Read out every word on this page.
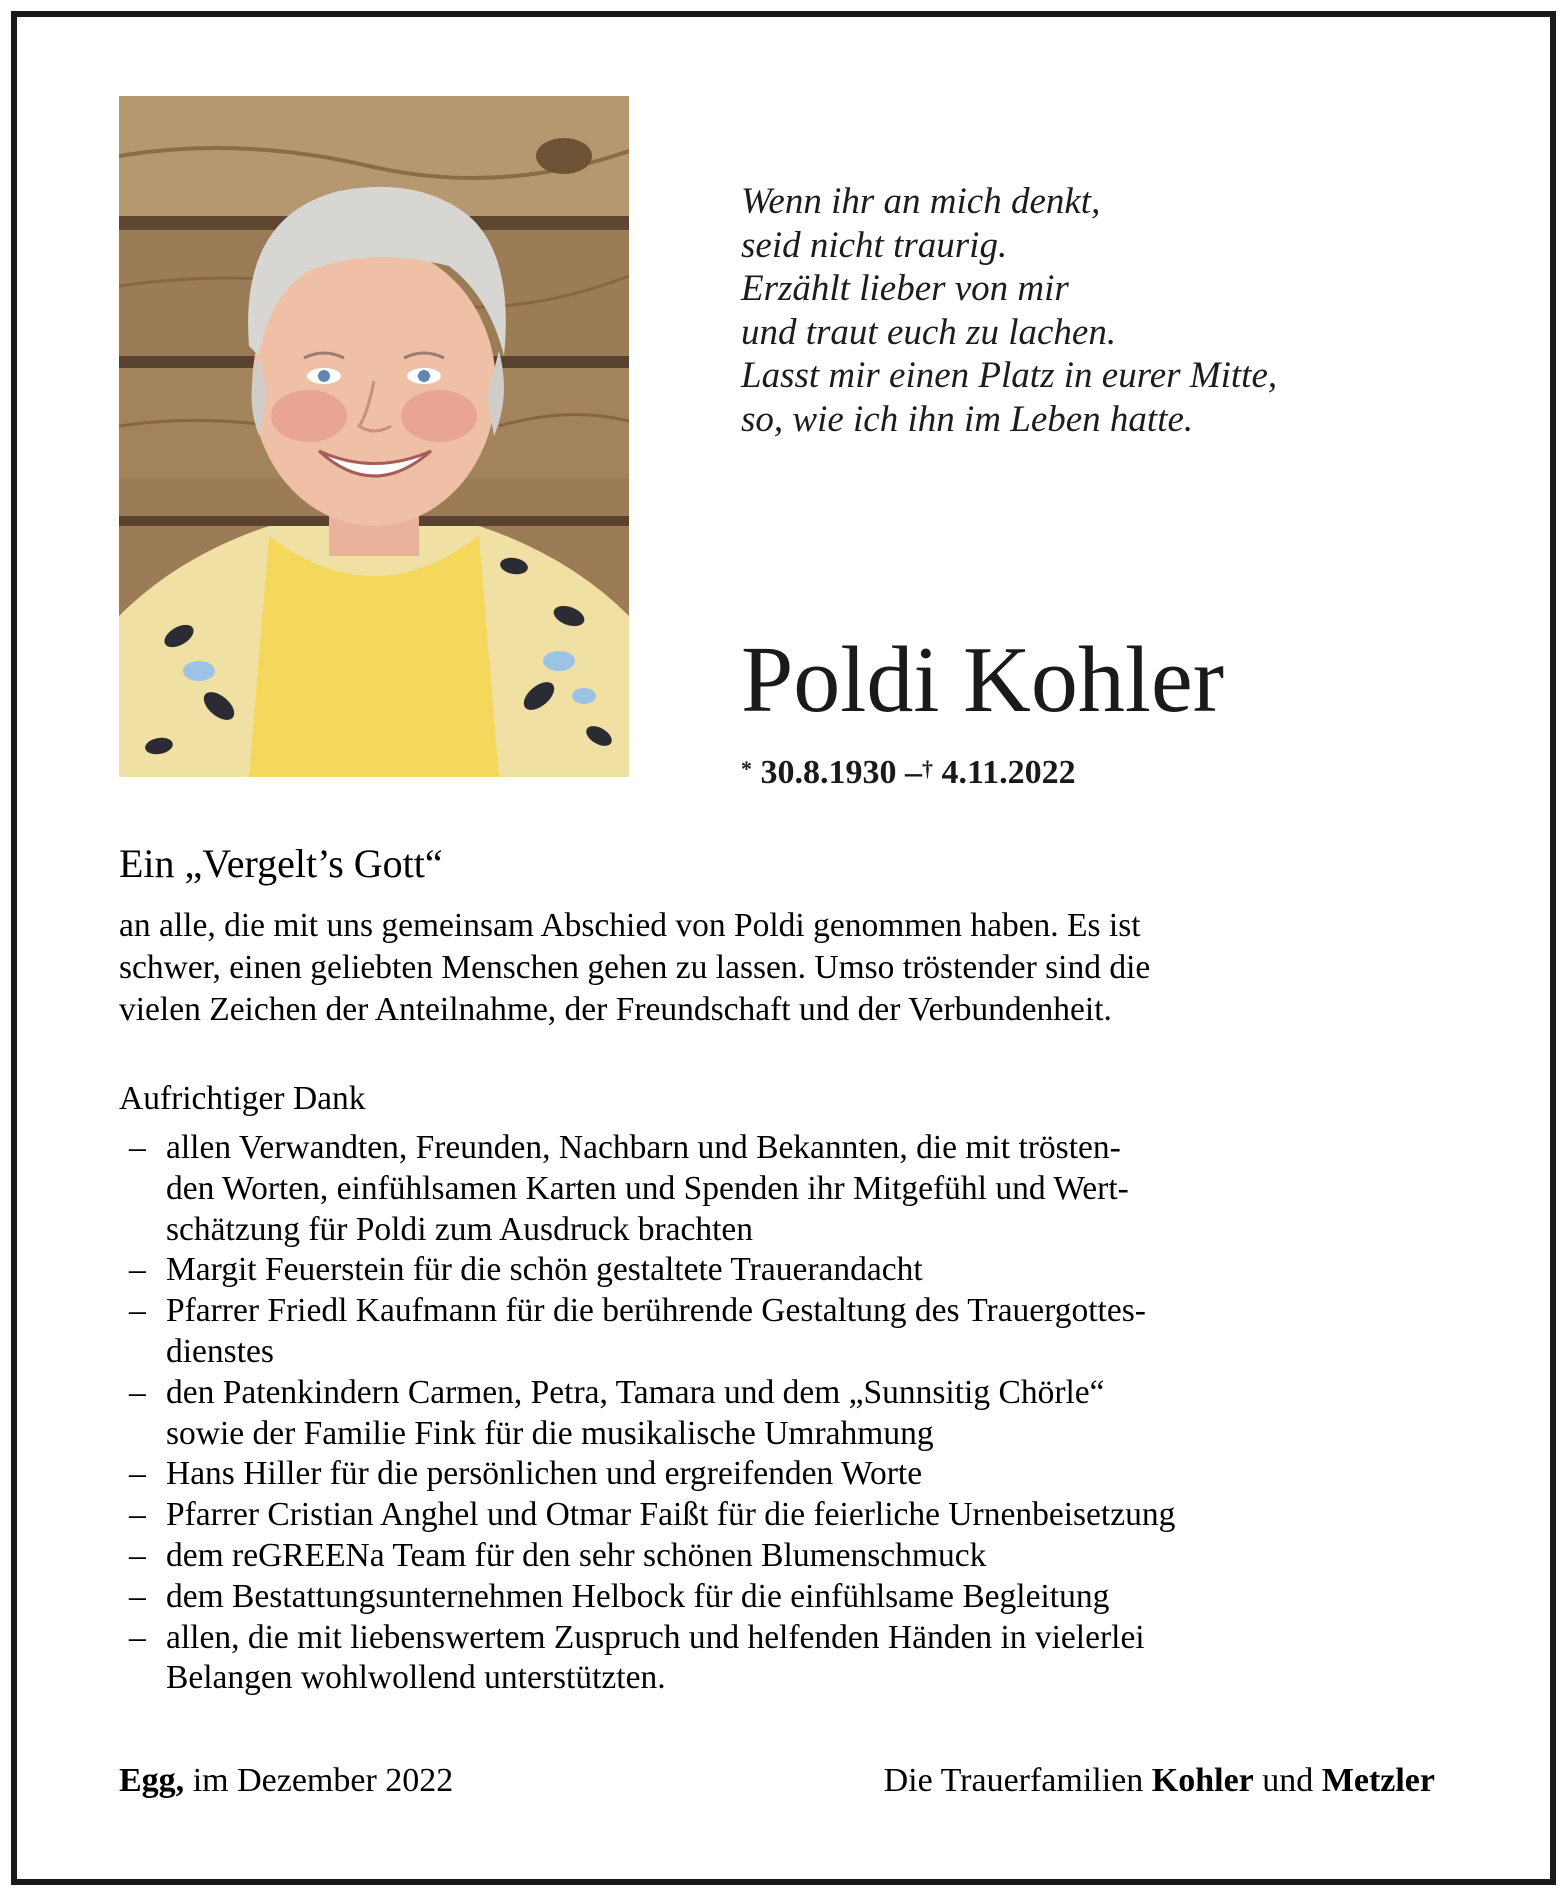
Wenn ihr an mich denkt,
seid nicht traurig.
Erzählt lieber von mir
und traut euch zu lachen.
Lasst mir einen Platz in eurer Mitte,
so, wie ich ihn im Leben hatte.
Poldi Kohler
* 30.8.1930 –† 4.11.2022
Ein „Vergelt’s Gott“
an alle, die mit uns gemeinsam Abschied von Poldi genommen haben. Es ist
schwer, einen geliebten Menschen gehen zu lassen. Umso tröstender sind die
vielen Zeichen der Anteilnahme, der Freundschaft und der Verbundenheit.
Aufrichtiger Dank
– allen Verwandten, Freunden, Nachbarn und Bekannten, die mit trösten-
den Worten, einfühlsamen Karten und Spenden ihr Mitgefühl und Wert-
schätzung für Poldi zum Ausdruck brachten
– Margit Feuerstein für die schön gestaltete Trauerandacht
– Pfarrer Friedl Kaufmann für die berührende Gestaltung des Trauergottes-
dienstes
– den Patenkindern Carmen, Petra, Tamara und dem „Sunnsitig Chörle“
sowie der Familie Fink für die musikalische Umrahmung
– Hans Hiller für die persönlichen und ergreifenden Worte
– Pfarrer Cristian Anghel und Otmar Faißt für die feierliche Urnenbeisetzung
– dem reGREENa Team für den sehr schönen Blumenschmuck
– dem Bestattungsunternehmen Helbock für die einfühlsame Begleitung
– allen, die mit liebenswertem Zuspruch und helfenden Händen in vielerlei
Belangen wohlwollend unterstützten.
Egg, im Dezember 2022	Die Trauerfamilien Kohler und Metzler
